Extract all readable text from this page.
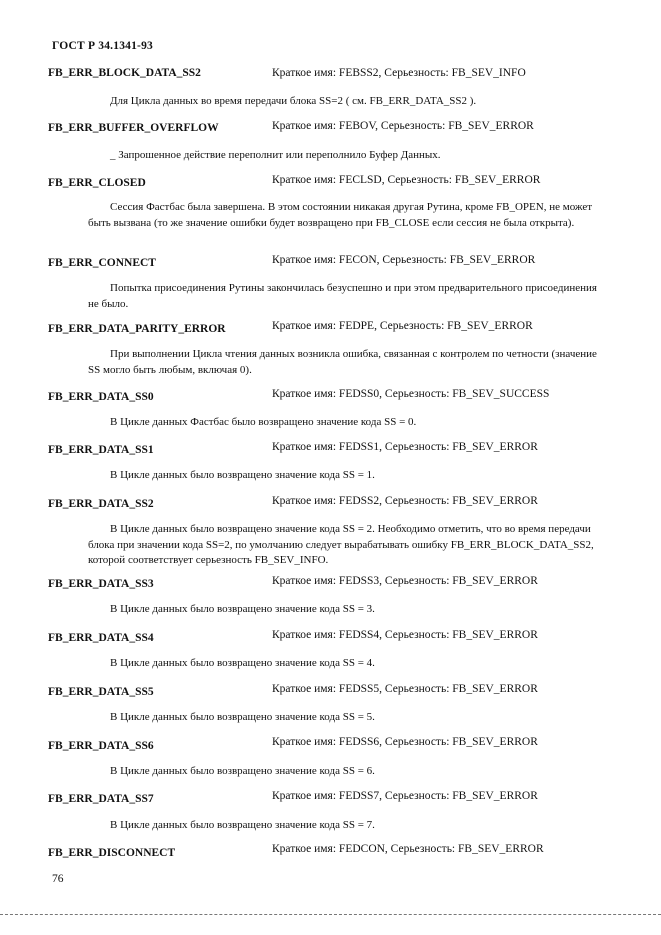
ГОСТ Р 34.1341-93
FB_ERR_BLOCK_DATA_SS2	Краткое имя: FEBSS2, Серьезность: FB_SEV_INFO
Для Цикла данных во время передачи блока SS=2 ( см. FB_ERR_DATA_SS2 ).
FB_ERR_BUFFER_OVERFLOW	Краткое имя: FEBOV, Серьезность: FB_SEV_ERROR
_ Запрошенное действие переполнит или переполнило Буфер Данных.
FB_ERR_CLOSED	Краткое имя: FECLSD, Серьезность: FB_SEV_ERROR
Сессия Фастбас была завершена. В этом состоянии никакая другая Рутина, кроме FB_OPEN, не может быть вызвана (то же значение ошибки будет возвращено при FB_CLOSE если сессия не была открыта).
FB_ERR_CONNECT	Краткое имя: FECON, Серьезность: FB_SEV_ERROR
Попытка присоединения Рутины закончилась безуспешно и при этом предварительного присоединения не было.
FB_ERR_DATA_PARITY_ERROR	Краткое имя: FEDPE, Серьезность: FB_SEV_ERROR
При выполнении Цикла чтения данных возникла ошибка, связанная с контролем по четности (значение SS могло быть любым, включая 0).
FB_ERR_DATA_SS0	Краткое имя: FEDSS0, Серьезность: FB_SEV_SUCCESS
В Цикле данных Фастбас было возвращено значение кода SS = 0.
FB_ERR_DATA_SS1	Краткое имя: FEDSS1, Серьезность: FB_SEV_ERROR
В Цикле данных было возвращено значение кода SS = 1.
FB_ERR_DATA_SS2	Краткое имя: FEDSS2, Серьезность: FB_SEV_ERROR
В Цикле данных было возвращено значение кода SS = 2. Необходимо отметить, что во время передачи блока при значении кода SS=2, по умолчанию следует вырабатывать ошибку FB_ERR_BLOCK_DATA_SS2, которой соответствует серьезность FB_SEV_INFO.
FB_ERR_DATA_SS3	Краткое имя: FEDSS3, Серьезность: FB_SEV_ERROR
В Цикле данных было возвращено значение кода SS = 3.
FB_ERR_DATA_SS4	Краткое имя: FEDSS4, Серьезность: FB_SEV_ERROR
В Цикле данных было возвращено значение кода SS = 4.
FB_ERR_DATA_SS5	Краткое имя: FEDSS5, Серьезность: FB_SEV_ERROR
В Цикле данных было возвращено значение кода SS = 5.
FB_ERR_DATA_SS6	Краткое имя: FEDSS6, Серьезность: FB_SEV_ERROR
В Цикле данных было возвращено значение кода SS = 6.
FB_ERR_DATA_SS7	Краткое имя: FEDSS7, Серьезность: FB_SEV_ERROR
В Цикле данных было возвращено значение кода SS = 7.
FB_ERR_DISCONNECT	Краткое имя: FEDCON, Серьезность: FB_SEV_ERROR
76
